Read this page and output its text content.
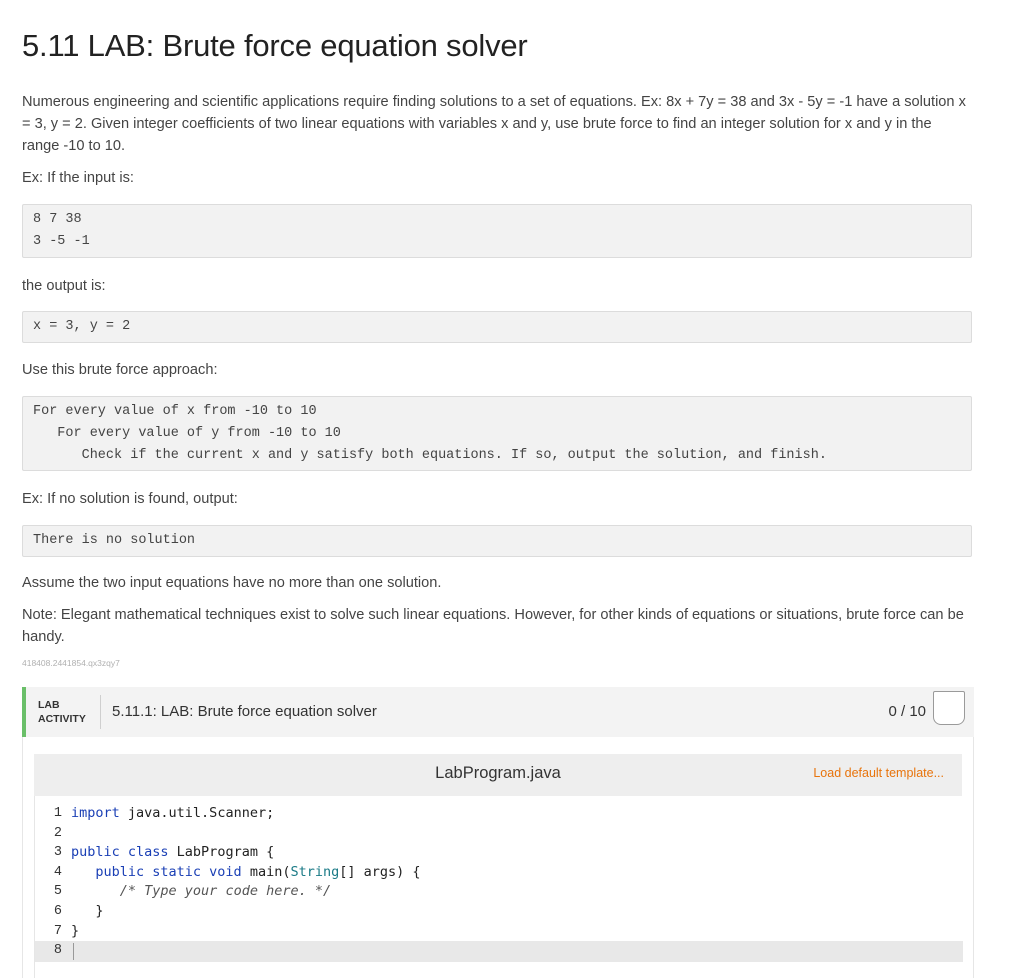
5.11 LAB: Brute force equation solver

Numerous engineering and scientific applications require finding solutions to a set of equations. Ex: 8x + 7y = 38 and 3x - 5y = -1 have a solution x = 3, y = 2. Given integer coefficients of two linear equations with variables x and y, use brute force to find an integer solution for x and y in the range -10 to 10.

Ex: If the input is:

8 7 38
3 -5 -1

the output is:

x = 3, y = 2

Use this brute force approach:

For every value of x from -10 to 10
For every value of y from -10 to 10
Check if the current x and y satisfy both equations. If so, output the solution, and finish.

Ex: If no solution is found, output:

There is no solution

Assume the two input equations have no more than one solution.

Note: Elegant mathematical techniques exist to solve such linear equations. However, for other kinds of equations or situations, brute force can be handy.

418408.2441854.qx3zqy7
LAB
ACTIVITY 5.11.1: LAB: Brute force equation solver	0 / 10
LabProgram.java	Load default template...
1
2
3
4
5
6
7
8
import java.util.Scanner;
public class LabProgram {
public static void main(String[] args) {
/* Type your code here. */
}
}
